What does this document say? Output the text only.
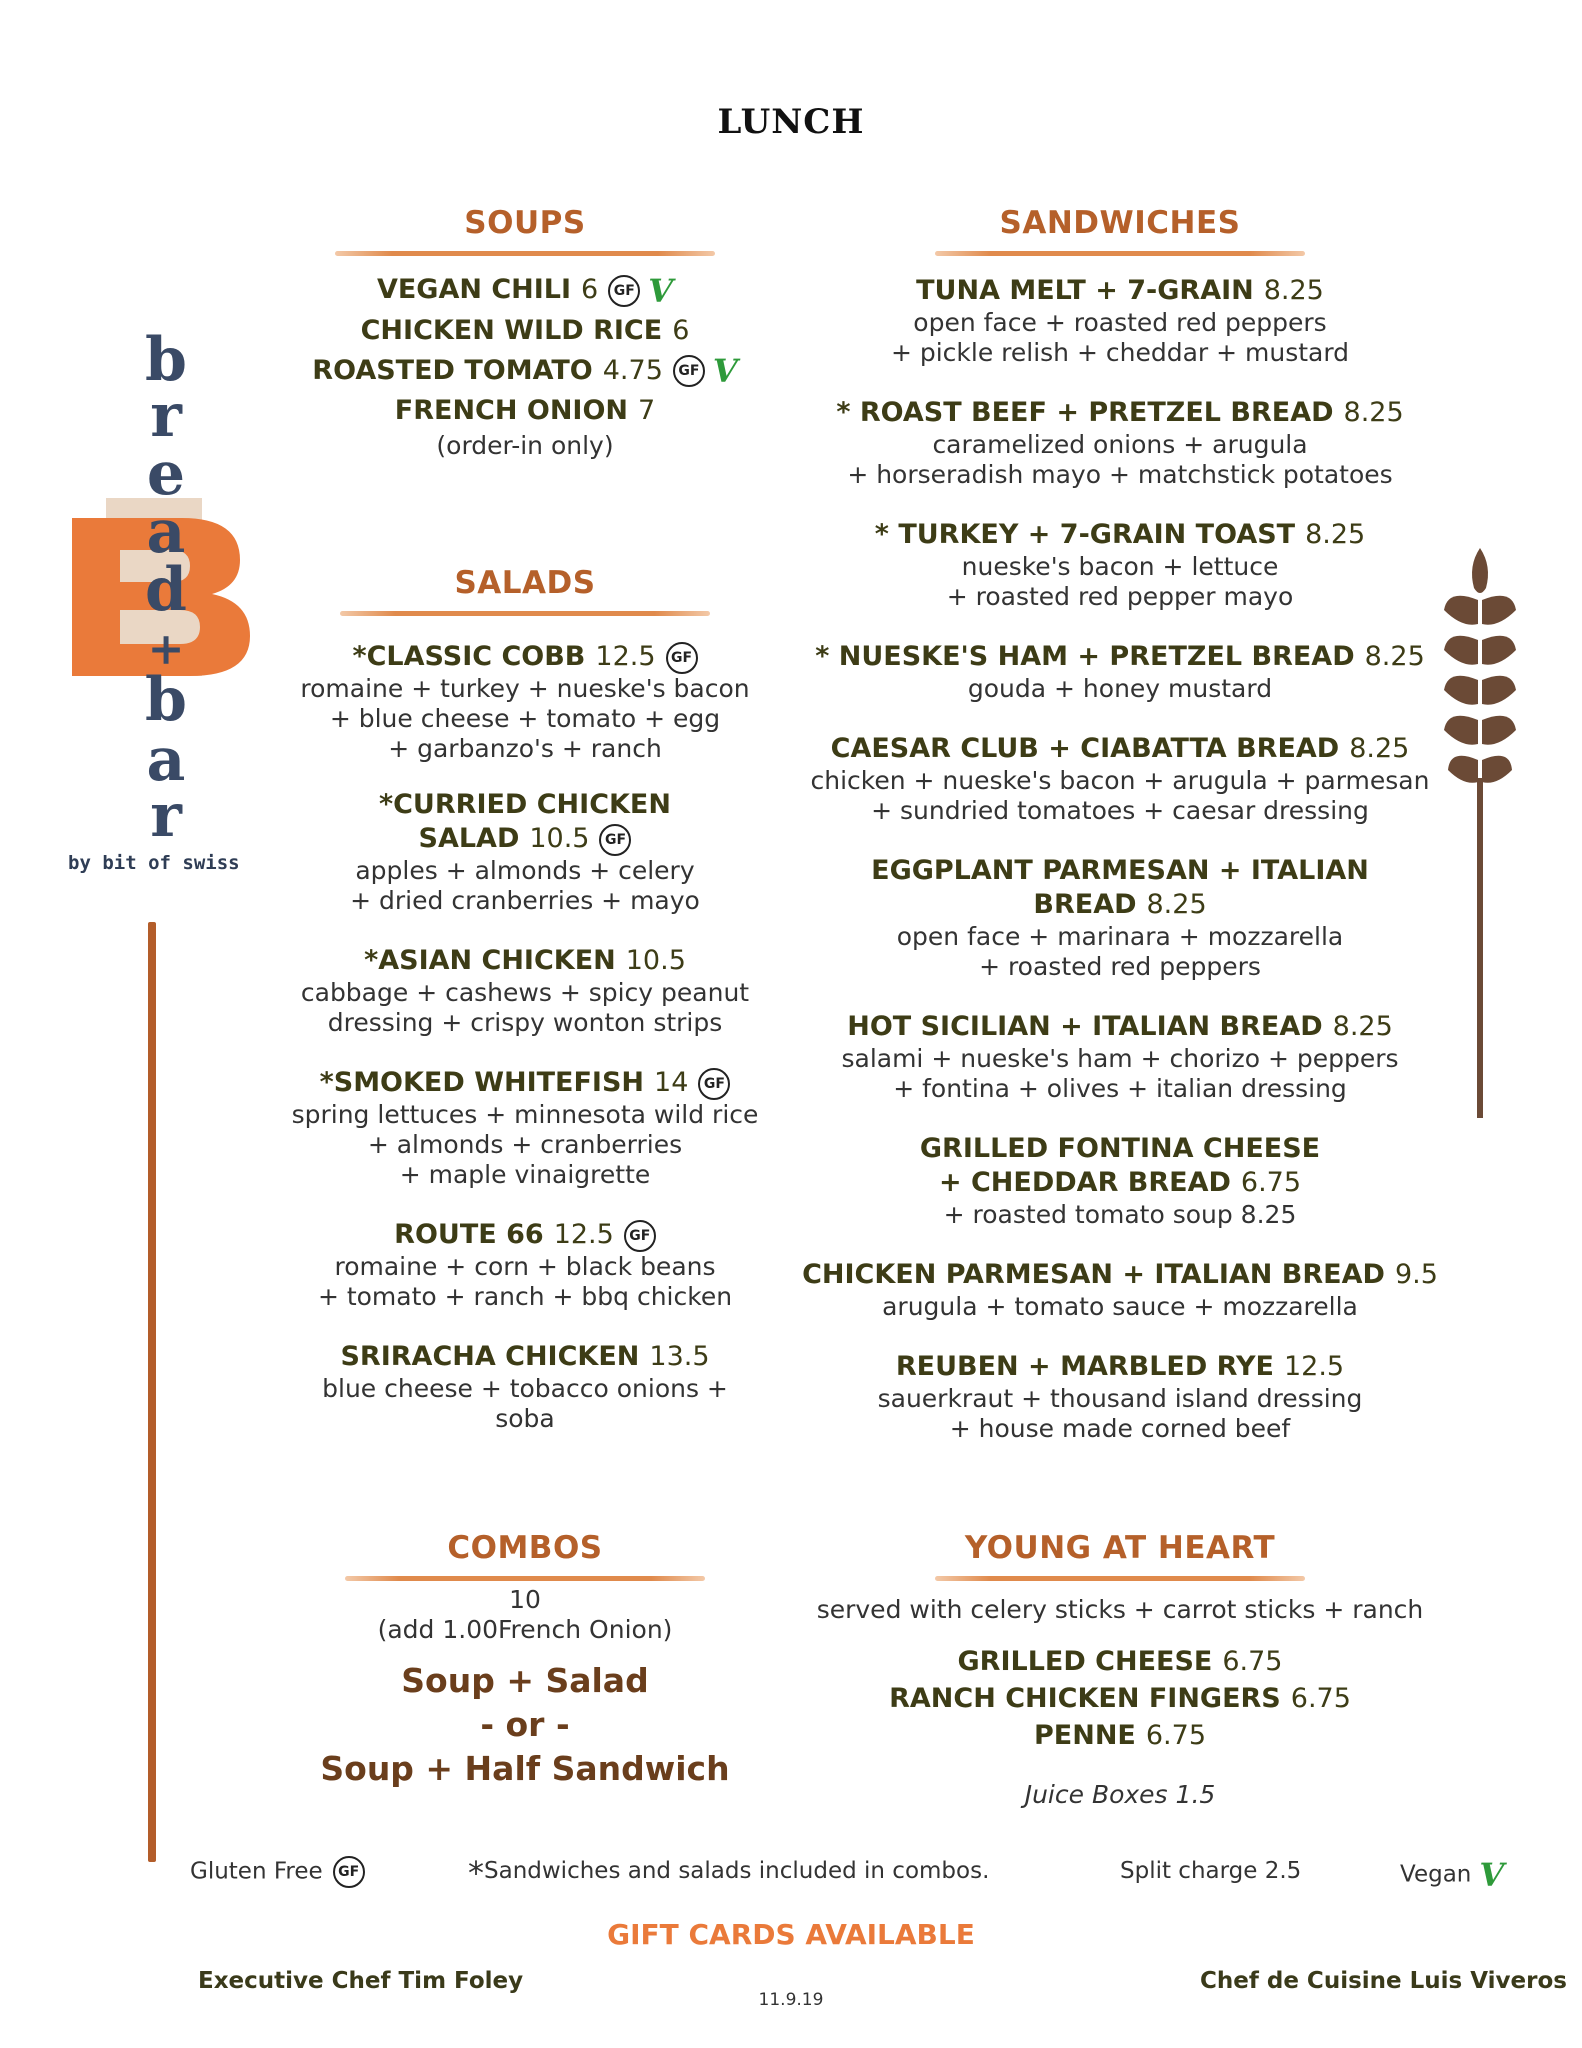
LUNCH
b
r
e
a
d
+
b
a
r
by bit of swiss
SOUPS
VEGAN CHILI 6 GF V
CHICKEN WILD RICE 6
ROASTED TOMATO 4.75 GF V
FRENCH ONION 7
(order-in only)
SALADS
*CLASSIC COBB 12.5 GF
romaine + turkey + nueske's bacon
+ blue cheese + tomato + egg
+ garbanzo's + ranch
*CURRIED CHICKEN SALAD 10.5 GF
apples + almonds + celery
+ dried cranberries + mayo
*ASIAN CHICKEN 10.5
cabbage + cashews + spicy peanut
dressing + crispy wonton strips
*SMOKED WHITEFISH 14 GF
spring lettuces + minnesota wild rice
+ almonds + cranberries
+ maple vinaigrette
ROUTE 66 12.5 GF
romaine + corn + black beans
+ tomato + ranch + bbq chicken
SRIRACHA CHICKEN 13.5
blue cheese + tobacco onions + soba
SANDWICHES
TUNA MELT + 7-GRAIN 8.25
open face + roasted red peppers
+ pickle relish + cheddar + mustard
* ROAST BEEF + PRETZEL BREAD 8.25
caramelized onions + arugula
+ horseradish mayo + matchstick potatoes
* TURKEY + 7-GRAIN TOAST 8.25
nueske's bacon + lettuce
+ roasted red pepper mayo
* NUESKE'S HAM + PRETZEL BREAD 8.25
gouda + honey mustard
CAESAR CLUB + CIABATTA BREAD 8.25
chicken + nueske's bacon + arugula + parmesan
+ sundried tomatoes + caesar dressing
EGGPLANT PARMESAN + ITALIAN BREAD 8.25
open face + marinara + mozzarella
+ roasted red peppers
HOT SICILIAN + ITALIAN BREAD 8.25
salami + nueske's ham + chorizo + peppers
+ fontina + olives + italian dressing
GRILLED FONTINA CHEESE
+ CHEDDAR BREAD 6.75
+ roasted tomato soup 8.25
CHICKEN PARMESAN + ITALIAN BREAD 9.5
arugula + tomato sauce + mozzarella
REUBEN + MARBLED RYE 12.5
sauerkraut + thousand island dressing
+ house made corned beef
COMBOS
10
(add 1.00French Onion)
Soup + Salad
- or -
Soup + Half Sandwich
YOUNG AT HEART
served with celery sticks + carrot sticks + ranch
GRILLED CHEESE 6.75
RANCH CHICKEN FINGERS 6.75
PENNE 6.75
Juice Boxes 1.5
Gluten Free GF	*Sandwiches and salads included in combos.	Split charge 2.5	Vegan V
GIFT CARDS AVAILABLE
Executive Chef Tim Foley
11.9.19
Chef de Cuisine Luis Viveros
